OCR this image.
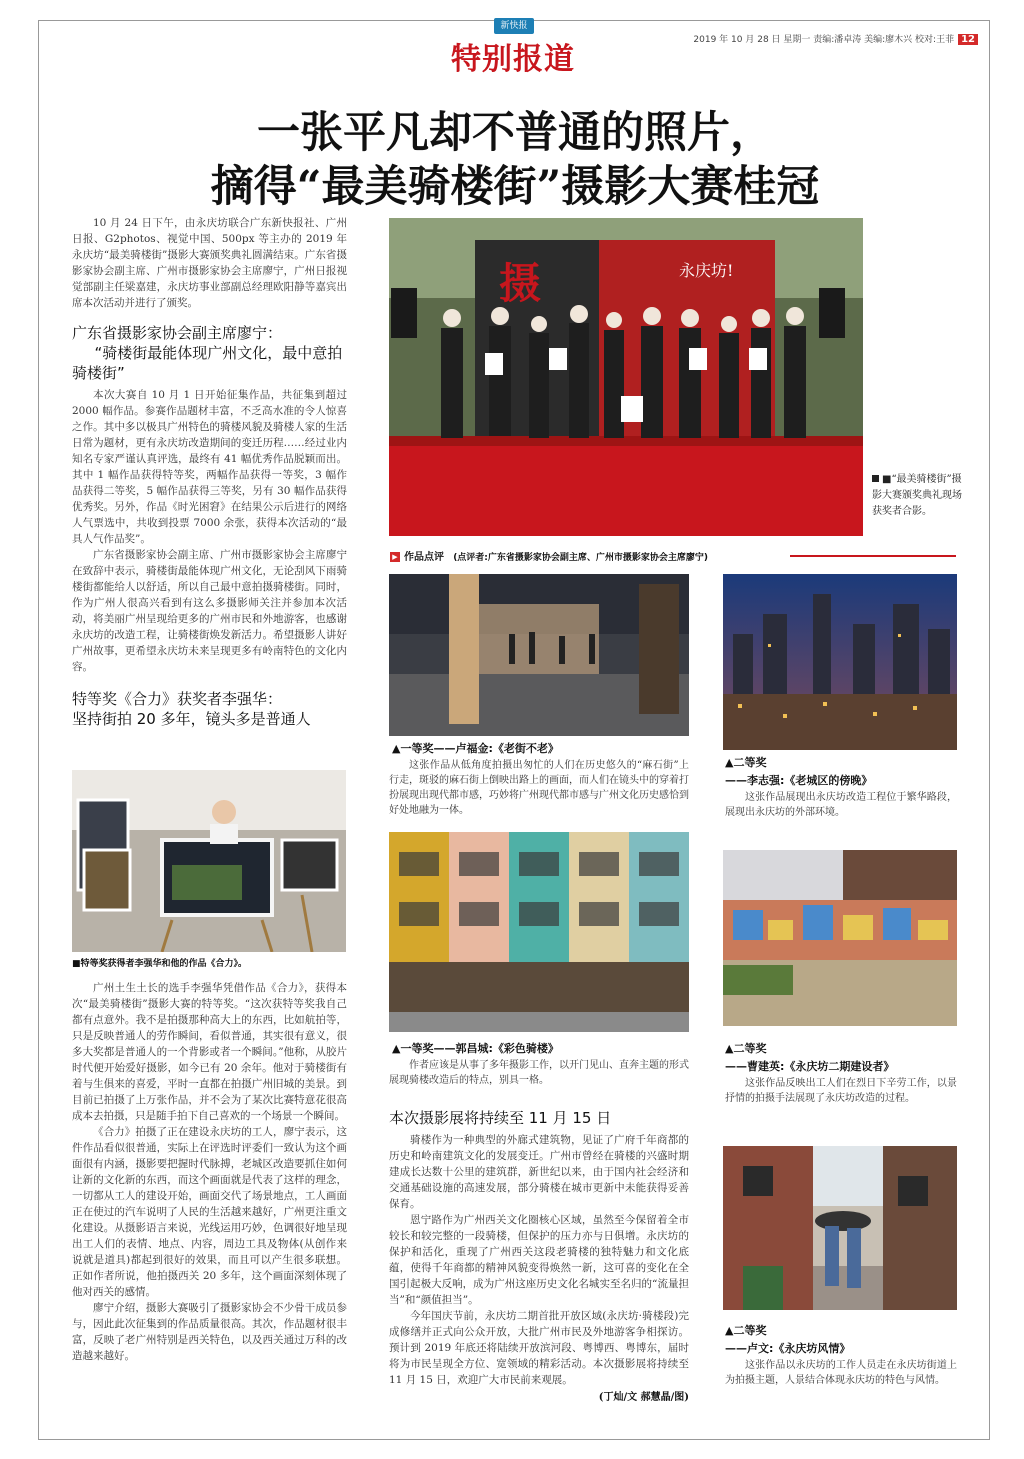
新快报
特别报道
2019 年 10 月 28 日 星期一 责编:潘卓涛 美编:廖木兴 校对:王菲 12
一张平凡却不普通的照片，
摘得“最美骑楼街”摄影大赛桂冠

10 月 24 日下午，由永庆坊联合广东新快报社、广州日报、G2photos、视觉中国、500px 等主办的 2019 年永庆坊“最美骑楼街”摄影大赛颁奖典礼圆满结束。广东省摄影家协会副主席、广州市摄影家协会主席廖宁，广州日报视觉部副主任梁嘉建，永庆坊事业部副总经理欧阳静等嘉宾出席本次活动并进行了颁奖。

广东省摄影家协会副主席廖宁：
“骑楼街最能体现广州文化，最中意拍骑楼街”

本次大赛自 10 月 1 日开始征集作品，共征集到超过 2000 幅作品。参赛作品题材丰富，不乏高水准的令人惊喜之作。其中多以极具广州特色的骑楼风貌及骑楼人家的生活日常为题材，更有永庆坊改造期间的变迁历程……经过业内知名专家严谨认真评选，最终有 41 幅优秀作品脱颖而出。其中 1 幅作品获得特等奖，两幅作品获得一等奖，3 幅作品获得二等奖，5 幅作品获得三等奖，另有 30 幅作品获得优秀奖。另外，作品《时光困窘》在结果公示后进行的网络人气票选中，共收到投票 7000 余张，获得本次活动的“最具人气作品奖”。

广东省摄影家协会副主席、广州市摄影家协会主席廖宁在致辞中表示，骑楼街最能体现广州文化，无论刮风下雨骑楼街都能给人以舒适，所以自己最中意拍摄骑楼街。同时，作为广州人很高兴看到有这么多摄影师关注并参加本次活动，将美丽广州呈现给更多的广州市民和外地游客，也感谢永庆坊的改造工程，让骑楼街焕发新活力。希望摄影人讲好广州故事，更希望永庆坊未来呈现更多有岭南特色的文化内容。

特等奖《合力》获奖者李强华：
坚持街拍 20 多年，镜头多是普通人
■特等奖获得者李强华和他的作品《合力》。

广州土生土长的选手李强华凭借作品《合力》，获得本次“最美骑楼街”摄影大赛的特等奖。“这次获特等奖我自己都有点意外。我不是拍摄那种高大上的东西，比如航拍等，只是反映普通人的劳作瞬间，看似普通，其实很有意义，很多大奖都是普通人的一个背影或者一个瞬间。”他称，从胶片时代便开始爱好摄影，如今已有 20 余年。他对于骑楼街有着与生俱来的喜爱，平时一直都在拍摄广州旧城的美景。到目前已拍摄了上万张作品，并不会为了某次比赛特意花很高成本去拍摄，只是随手拍下自己喜欢的一个场景一个瞬间。

《合力》拍摄了正在建设永庆坊的工人，廖宁表示，这件作品看似很普通，实际上在评选时评委们一致认为这个画面很有内涵，摄影要把握时代脉搏，老城区改造要抓住如何让新的文化新的东西，而这个画面就是代表了这样的理念，一切都从工人的建设开始，画面交代了场景地点，工人画面正在使过的汽车说明了人民的生活越来越好，广州更注重文化建设。从摄影语言来说，光线运用巧妙，色调很好地呈现出工人们的表情、地点、内容，周边工具及物体(从创作来说就是道具)都起到很好的效果，而且可以产生很多联想。正如作者所说，他拍摄西关 20 多年，这个画面深刻体现了他对西关的感情。

廖宁介绍，摄影大赛吸引了摄影家协会不少骨干成员参与，因此此次征集到的作品质量很高。其次，作品题材很丰富，反映了老广州特别是西关特色，以及西关通过万科的改造越来越好。

摄	永庆坊!
■“最美骑楼街”摄影大赛颁奖典礼现场获奖者合影。
▶ 作品点评 (点评者:广东省摄影家协会副主席、广州市摄影家协会主席廖宁)
▲一等奖——卢福金:《老街不老》
这张作品从低角度拍摄出匆忙的人们在历史悠久的“麻石街”上行走，斑驳的麻石街上倒映出路上的画面，而人们在镜头中的穿着打扮展现出现代都市感，巧妙将广州现代都市感与广州文化历史感恰到好处地融为一体。
▲二等奖
——李志强:《老城区的傍晚》
这张作品展现出永庆坊改造工程位于繁华路段，展现出永庆坊的外部环境。
▲一等奖——郭昌城:《彩色骑楼》
作者应该是从事了多年摄影工作，以开门见山、直奔主题的形式展现骑楼改造后的特点，别具一格。
▲二等奖
——曹建英:《永庆坊二期建设者》
这张作品反映出工人们在烈日下辛劳工作，以景抒情的拍摄手法展现了永庆坊改造的过程。
本次摄影展将持续至 11 月 15 日

骑楼作为一种典型的外廊式建筑物，见证了广府千年商都的历史和岭南建筑文化的发展变迁。广州市曾经在骑楼的兴盛时期建成长达数十公里的建筑群，新世纪以来，由于国内社会经济和交通基础设施的高速发展，部分骑楼在城市更新中未能获得妥善保育。

恩宁路作为广州西关文化圈核心区域，虽然至今保留着全市较长和较完整的一段骑楼，但保护的压力亦与日俱增。永庆坊的保护和活化，重现了广州西关这段老骑楼的独特魅力和文化底蕴，使得千年商都的精神风貌变得焕然一新，这可喜的变化在全国引起极大反响，成为广州这座历史文化名城实至名归的“流量担当”和“颜值担当”。

今年国庆节前，永庆坊二期首批开放区域(永庆坊·骑楼段)完成修缮并正式向公众开放，大批广州市民及外地游客争相探访。预计到 2019 年底还将陆续开放滨河段、粤博西、粤博东，届时将为市民呈现全方位、宽领域的精彩活动。本次摄影展将持续至 11 月 15 日，欢迎广大市民前来观展。

(丁灿/文 郝慧晶/图)
▲二等奖
——卢文:《永庆坊风情》
这张作品以永庆坊的工作人员走在永庆坊街道上为拍摄主题，人景结合体现永庆坊的特色与风情。
